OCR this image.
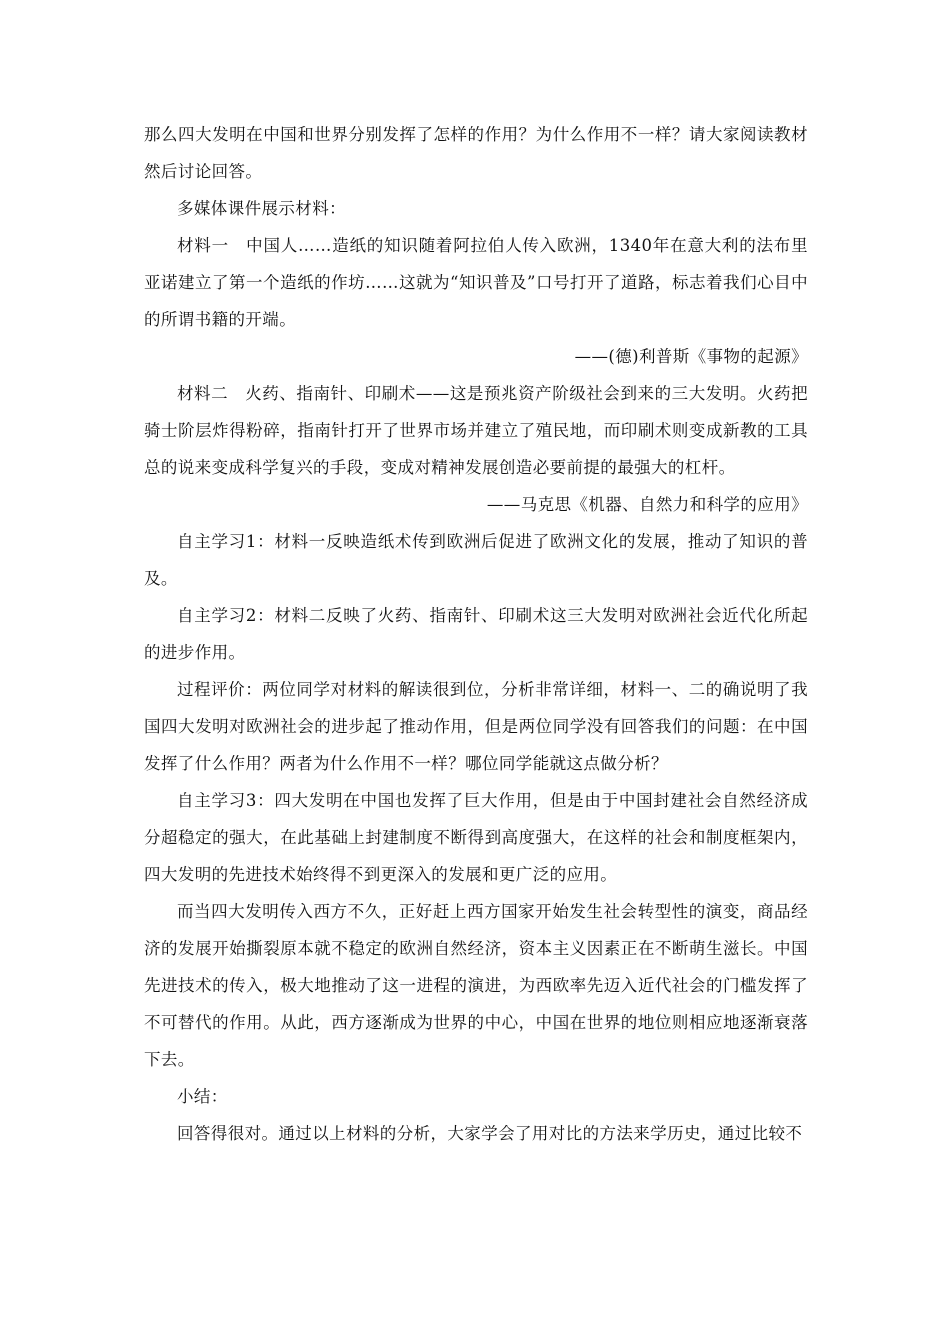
那么四大发明在中国和世界分别发挥了怎样的作用？为什么作用不一样？请大家阅读教材然后讨论回答。

多媒体课件展示材料：

材料一　中国人……造纸的知识随着阿拉伯人传入欧洲，1340年在意大利的法布里亚诺建立了第一个造纸的作坊……这就为“知识普及”口号打开了道路，标志着我们心目中的所谓书籍的开端。

——(德)利普斯《事物的起源》

材料二　火药、指南针、印刷术——这是预兆资产阶级社会到来的三大发明。火药把骑士阶层炸得粉碎，指南针打开了世界市场并建立了殖民地，而印刷术则变成新教的工具总的说来变成科学复兴的手段，变成对精神发展创造必要前提的最强大的杠杆。

——马克思《机器、自然力和科学的应用》

自主学习1：材料一反映造纸术传到欧洲后促进了欧洲文化的发展，推动了知识的普及。

自主学习2：材料二反映了火药、指南针、印刷术这三大发明对欧洲社会近代化所起的进步作用。

过程评价：两位同学对材料的解读很到位，分析非常详细，材料一、二的确说明了我国四大发明对欧洲社会的进步起了推动作用，但是两位同学没有回答我们的问题：在中国发挥了什么作用？两者为什么作用不一样？哪位同学能就这点做分析？

自主学习3：四大发明在中国也发挥了巨大作用，但是由于中国封建社会自然经济成分超稳定的强大，在此基础上封建制度不断得到高度强大，在这样的社会和制度框架内，四大发明的先进技术始终得不到更深入的发展和更广泛的应用。

而当四大发明传入西方不久，正好赶上西方国家开始发生社会转型性的演变，商品经济的发展开始撕裂原本就不稳定的欧洲自然经济，资本主义因素正在不断萌生滋长。中国先进技术的传入，极大地推动了这一进程的演进，为西欧率先迈入近代社会的门槛发挥了不可替代的作用。从此，西方逐渐成为世界的中心，中国在世界的地位则相应地逐渐衰落下去。

小结：

回答得很对。通过以上材料的分析，大家学会了用对比的方法来学历史，通过比较不
